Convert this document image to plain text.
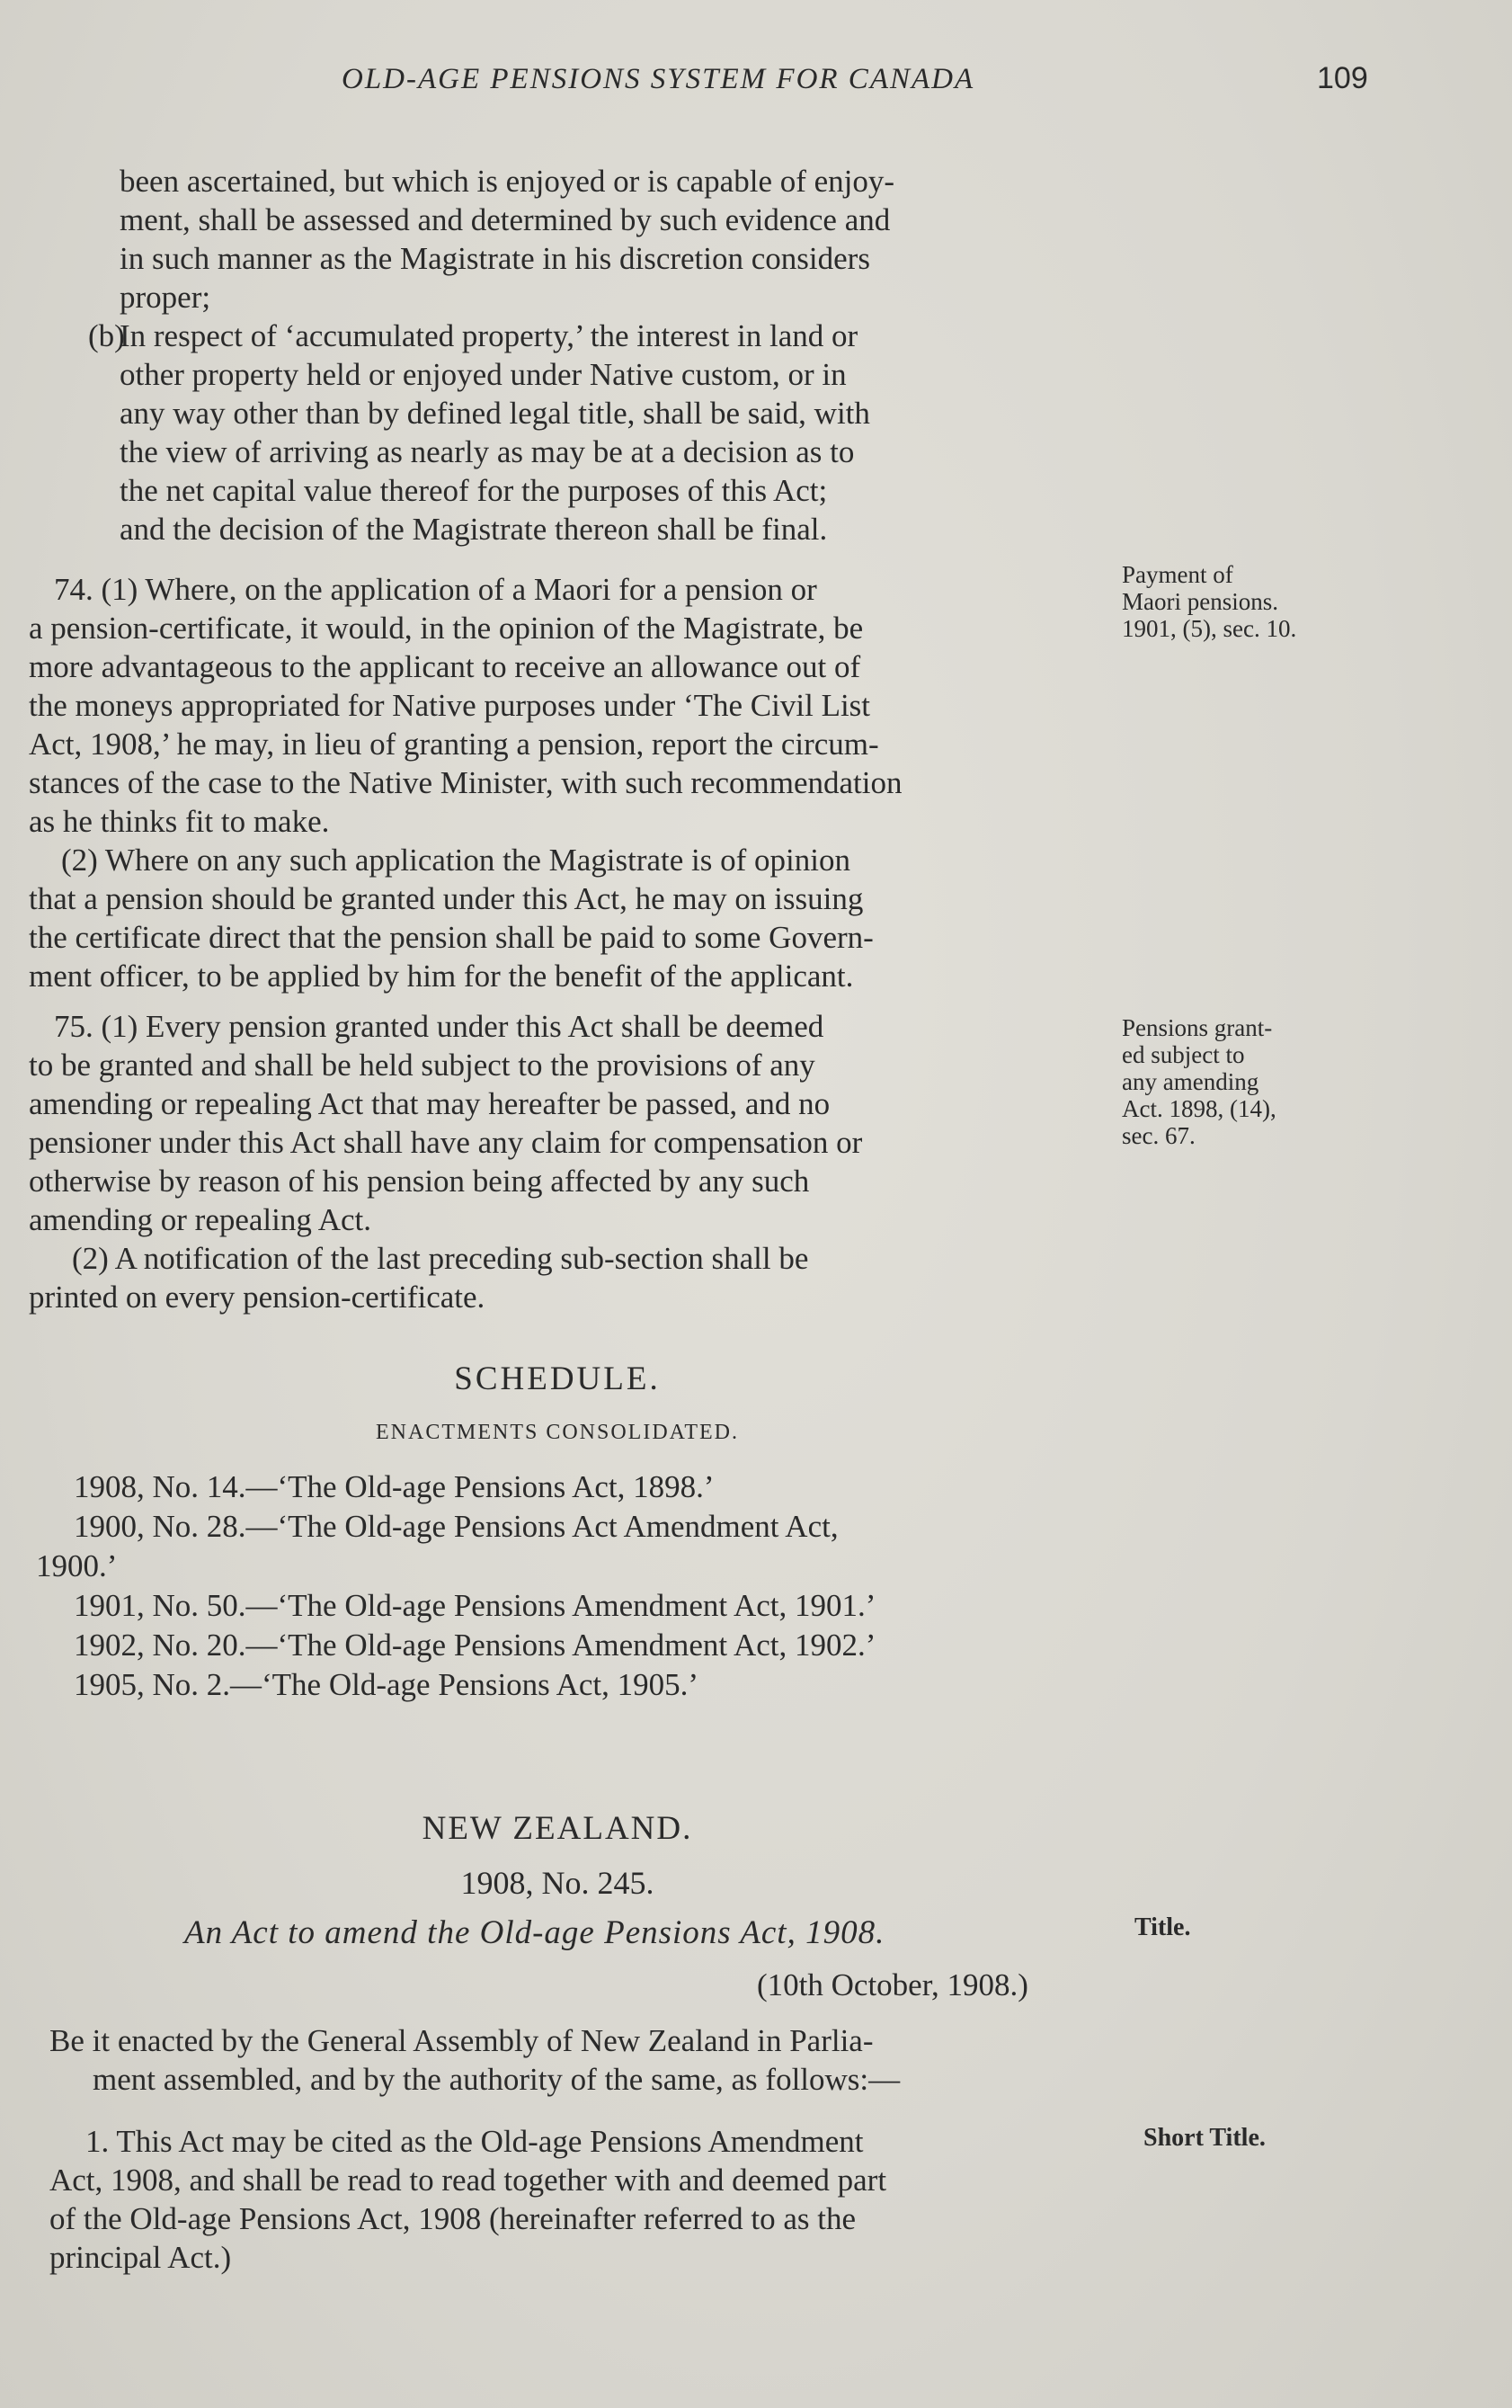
OLD-AGE PENSIONS SYSTEM FOR CANADA	109

been ascertained, but which is enjoyed or is capable of enjoy-

ment, shall be assessed and determined by such evidence and

in such manner as the Magistrate in his discretion considers

proper;

(b)

In respect of ‘accumulated property,’ the interest in land or

other property held or enjoyed under Native custom, or in

any way other than by defined legal title, shall be said, with

the view of arriving as nearly as may be at a decision as to

the net capital value thereof for the purposes of this Act;

and the decision of the Magistrate thereon shall be final.

74. (1) Where, on the application of a Maori for a pension or

a pension-certificate, it would, in the opinion of the Magistrate, be

more advantageous to the applicant to receive an allowance out of

the moneys appropriated for Native purposes under ‘The Civil List

Act, 1908,’ he may, in lieu of granting a pension, report the circum-

stances of the case to the Native Minister, with such recommendation

as he thinks fit to make.

(2) Where on any such application the Magistrate is of opinion

that a pension should be granted under this Act, he may on issuing

the certificate direct that the pension shall be paid to some Govern-

ment officer, to be applied by him for the benefit of the applicant.

Payment of
Maori pensions.
1901, (5), sec. 10.

75. (1) Every pension granted under this Act shall be deemed

to be granted and shall be held subject to the provisions of any

amending or repealing Act that may hereafter be passed, and no

pensioner under this Act shall have any claim for compensation or

otherwise by reason of his pension being affected by any such

amending or repealing Act.

(2) A notification of the last preceding sub-section shall be

printed on every pension-certificate.

Pensions grant-
ed subject to
any amending
Act. 1898, (14),
sec. 67.
SCHEDULE.
ENACTMENTS CONSOLIDATED.
1908, No. 14.—‘The Old-age Pensions Act, 1898.’
1900, No. 28.—‘The Old-age Pensions Act Amendment Act,
1900.’
1901, No. 50.—‘The Old-age Pensions Amendment Act, 1901.’
1902, No. 20.—‘The Old-age Pensions Amendment Act, 1902.’
1905, No. 2.—‘The Old-age Pensions Act, 1905.’
NEW ZEALAND.
1908, No. 245.
An Act to amend the Old-age Pensions Act, 1908.	Title.
(10th October, 1908.)

Be it enacted by the General Assembly of New Zealand in Parlia-

ment assembled, and by the authority of the same, as follows:—

1. This Act may be cited as the Old-age Pensions Amendment

Act, 1908, and shall be read to read together with and deemed part

of the Old-age Pensions Act, 1908 (hereinafter referred to as the

principal Act.)

Short Title.
